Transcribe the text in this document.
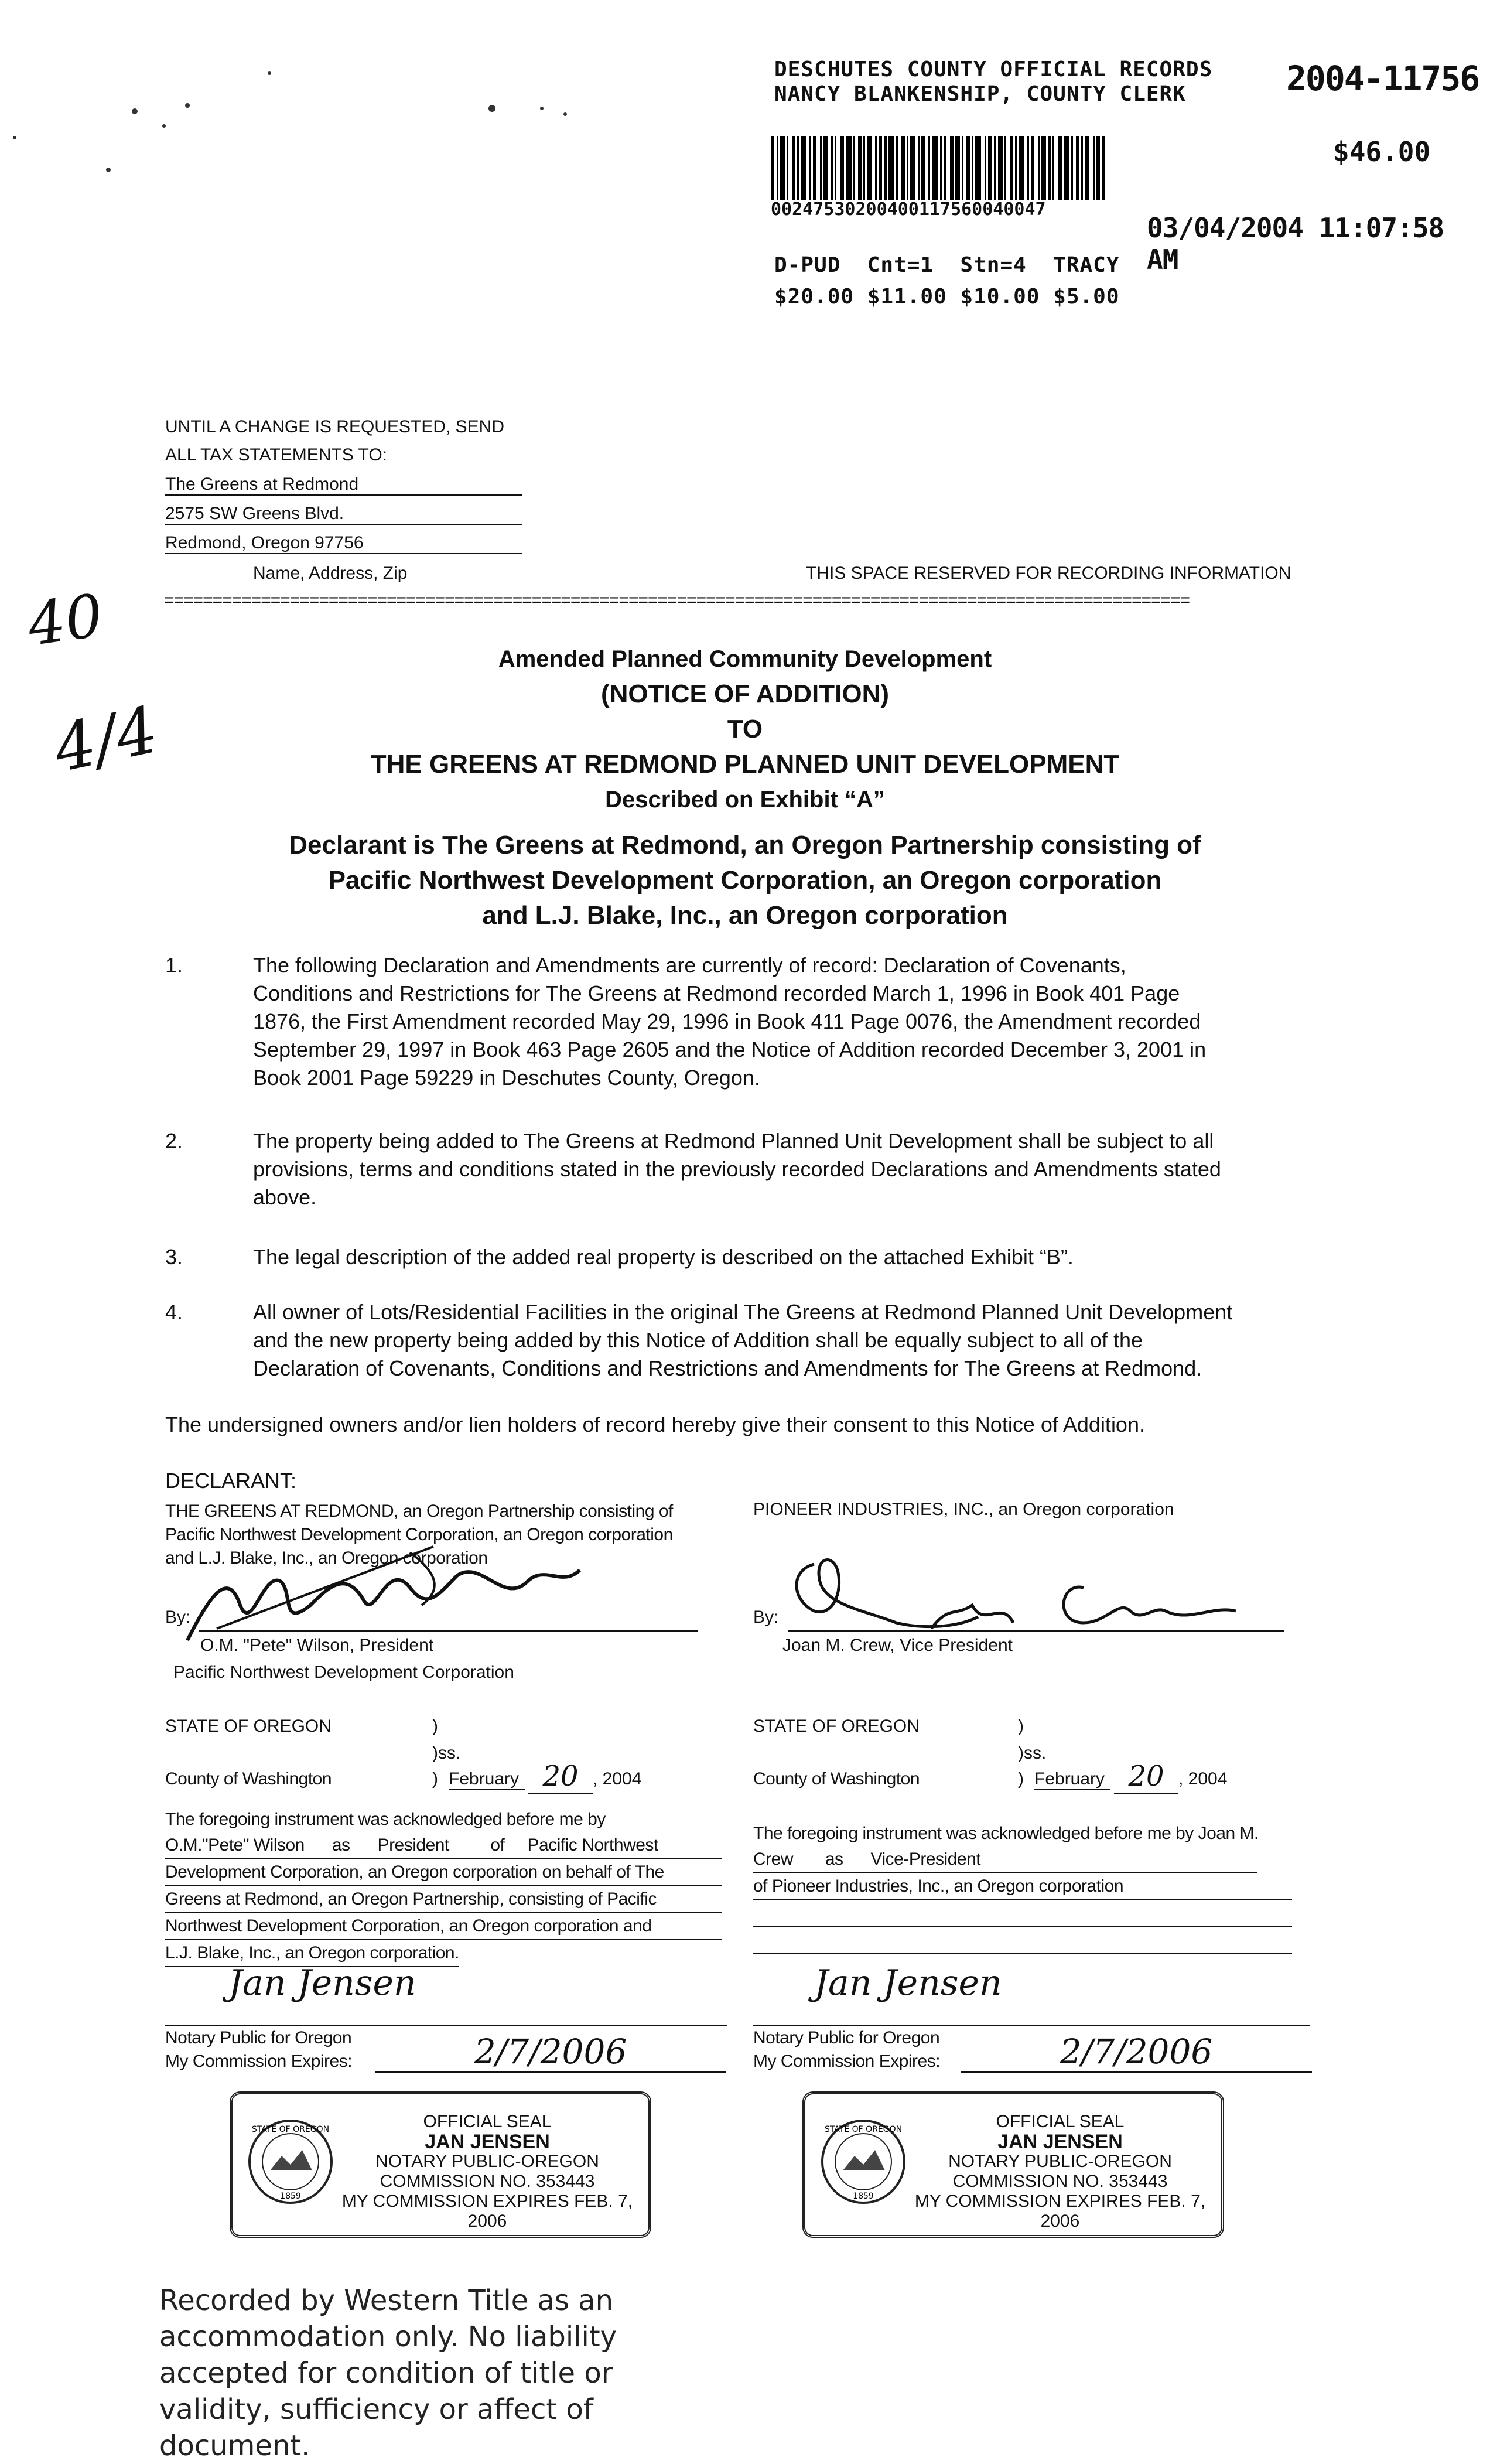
DESCHUTES COUNTY OFFICIAL RECORDS
NANCY BLANKENSHIP, COUNTY CLERK	2004-11756
$46.00
00247530200400117560040047
03/04/2004 11:07:58 AM
D-PUD  Cnt=1  Stn=4  TRACY
$20.00 $11.00 $10.00 $5.00
40
4/4
UNTIL A CHANGE IS REQUESTED, SEND
ALL TAX STATEMENTS TO:
The Greens at Redmond
2575 SW Greens Blvd.
Redmond, Oregon 97756
Name, Address, Zip	THIS SPACE RESERVED FOR RECORDING INFORMATION
==========================================================================================================
Amended Planned Community Development
(NOTICE OF ADDITION)
TO
THE GREENS AT REDMOND PLANNED UNIT DEVELOPMENT
Described on Exhibit “A”
Declarant is The Greens at Redmond, an Oregon Partnership consisting of
Pacific Northwest Development Corporation, an Oregon corporation
and L.J. Blake, Inc., an Oregon corporation
1.	The following Declaration and Amendments are currently of record: Declaration of Covenants,
Conditions and Restrictions for The Greens at Redmond recorded March 1, 1996 in Book 401 Page
1876, the First Amendment recorded May 29, 1996 in Book 411 Page 0076, the Amendment recorded
September 29, 1997 in Book 463 Page 2605 and the Notice of Addition recorded December 3, 2001 in
Book 2001 Page 59229 in Deschutes County, Oregon.
2.	The property being added to The Greens at Redmond Planned Unit Development shall be subject to all
provisions, terms and conditions stated in the previously recorded Declarations and Amendments stated
above.
3.	The legal description of the added real property is described on the attached Exhibit “B”.
4.	All owner of Lots/Residential Facilities in the original The Greens at Redmond Planned Unit Development
and the new property being added by this Notice of Addition shall be equally subject to all of the
Declaration of Covenants, Conditions and Restrictions and Amendments for The Greens at Redmond.
The undersigned owners and/or lien holders of record hereby give their consent to this Notice of Addition.
DECLARANT:
THE GREENS AT REDMOND, an Oregon Partnership consisting of
Pacific Northwest Development Corporation, an Oregon corporation
and L.J. Blake, Inc., an Oregon corporation
By:
O.M. "Pete" Wilson, President
Pacific Northwest Development Corporation
PIONEER INDUSTRIES, INC., an Oregon corporation
By:
Joan M. Crew, Vice President
STATE OF OREGON	)
)ss.
County of Washington	) February 20 , 2004
The foregoing instrument was acknowledged before me by
O.M."Pete" Wilson      as      President         of     Pacific Northwest
Development Corporation, an Oregon corporation on behalf of The
Greens at Redmond, an Oregon Partnership, consisting of Pacific
Northwest Development Corporation, an Oregon corporation and
L.J. Blake, Inc., an Oregon corporation.
Jan Jensen
Notary Public for Oregon
My Commission Expires:	2/7/2006
STATE OF OREGON	)
)ss.
County of Washington	) February 20 , 2004
The foregoing instrument was acknowledged before me by Joan M.
Crew       as      Vice-President
of Pioneer Industries, Inc., an Oregon corporation
Jan Jensen
Notary Public for Oregon
My Commission Expires:	2/7/2006
STATE OF OREGON
1859
OFFICIAL SEAL
JAN JENSEN
NOTARY PUBLIC-OREGON
COMMISSION NO. 353443
MY COMMISSION EXPIRES FEB. 7, 2006
STATE OF OREGON
1859
OFFICIAL SEAL
JAN JENSEN
NOTARY PUBLIC-OREGON
COMMISSION NO. 353443
MY COMMISSION EXPIRES FEB. 7, 2006
Recorded by Western Title as an
accommodation only. No liability
accepted for condition of title or
validity, sufficiency or affect of
document.
